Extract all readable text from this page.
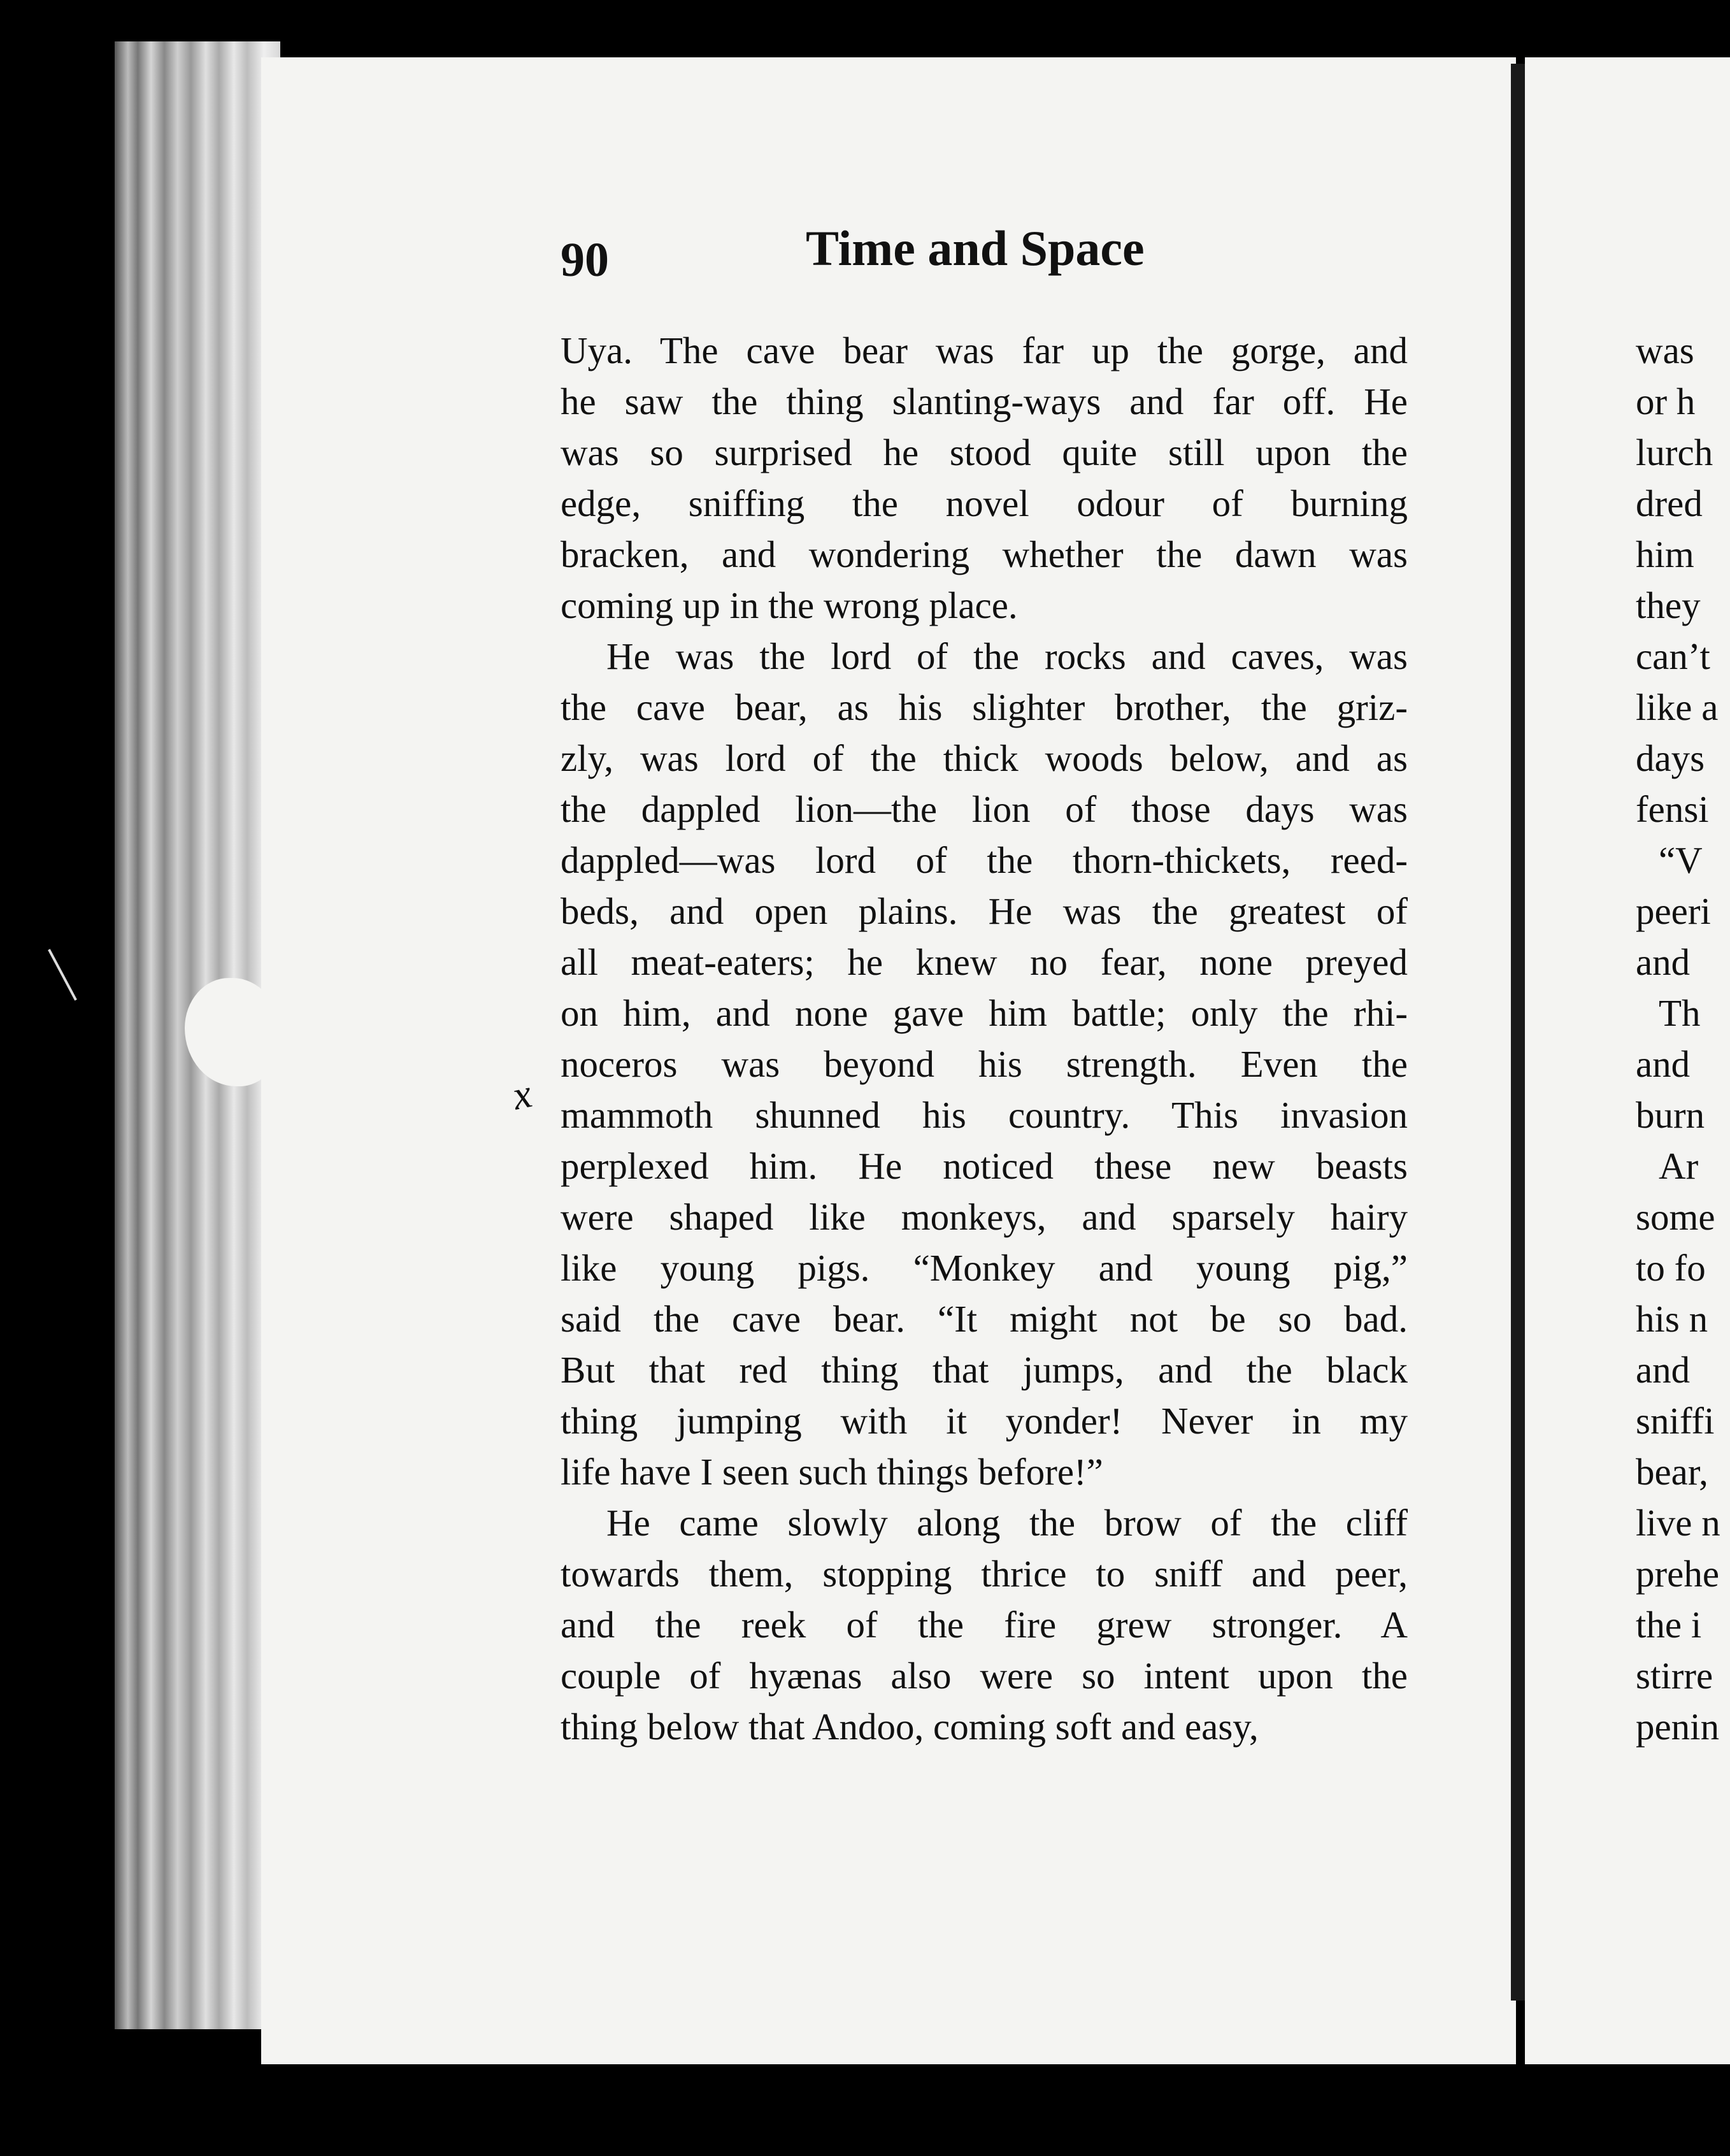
90	Time and Space
x

Uya. The cave bear was far up the gorge, and
he saw the thing slanting-ways and far off. He
was so surprised he stood quite still upon the
edge, sniffing the novel odour of burning
bracken, and wondering whether the dawn was
coming up in the wrong place.

He was the lord of the rocks and caves, was
the cave bear, as his slighter brother, the griz-
zly, was lord of the thick woods below, and as
the dappled lion—the lion of those days was
dappled—was lord of the thorn-thickets, reed-
beds, and open plains. He was the greatest of
all meat-eaters; he knew no fear, none preyed
on him, and none gave him battle; only the rhi-
noceros was beyond his strength. Even the
mammoth shunned his country. This invasion
perplexed him. He noticed these new beasts
were shaped like monkeys, and sparsely hairy
like young pigs. “Monkey and young pig,”
said the cave bear. “It might not be so bad.
But that red thing that jumps, and the black
thing jumping with it yonder! Never in my
life have I seen such things before!”

He came slowly along the brow of the cliff
towards them, stopping thrice to sniff and peer,
and the reek of the fire grew stronger. A
couple of hyænas also were so intent upon the
thing below that Andoo, coming soft and easy,

was
or h
lurch
dred
him
they
can’t
like a
days
fensi
“V
peeri
and
Th
and
burn
Ar
some
to fo
his n
and
sniffi
bear,
live n
prehe
the i
stirre
penin
